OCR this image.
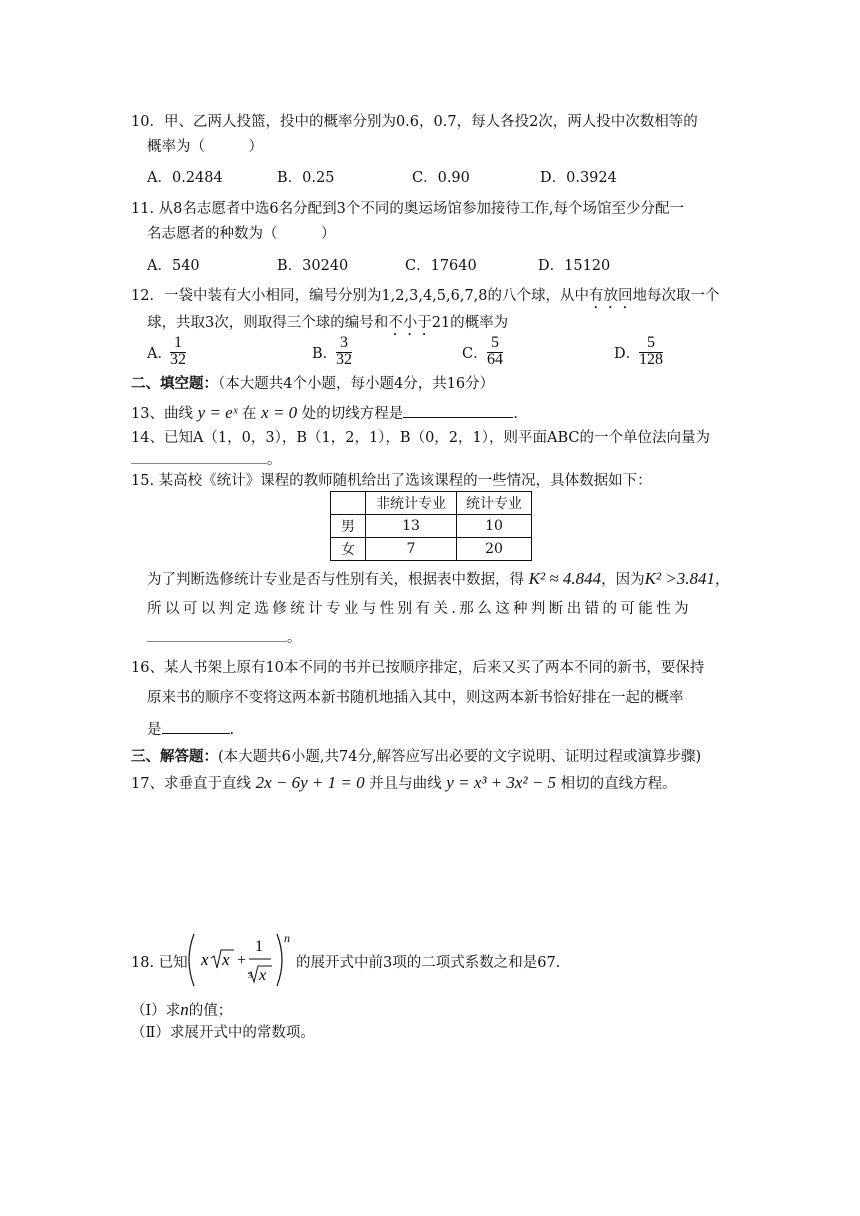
10．甲、乙两人投篮，投中的概率分别为0.6，0.7，每人各投2次，两人投中次数相等的
概率为（　　　）
A．0.2484	B．0.25	C．0.90	D．0.3924
11. 从8名志愿者中选6名分配到3个不同的奥运场馆参加接待工作,每个场馆至少分配一
名志愿者的种数为（　　　）
A．540	B．30240	C．17640	D．15120
12．一袋中装有大小相同，编号分别为1,2,3,4,5,6,7,8的八个球，从中有放回地每次取一个
球，共取3次，则取得三个球的编号和不小于21的概率为
A．
$\frac{1}{32}$	B．
$\frac{3}{32}$	C． $\frac{5}{64}$	D．
$\frac{5}{128}$
二、填空题：（本大题共4个小题，每小题4分，共16分）
13、曲线 y = eˣ 在 x = 0 处的切线方程是	.
14、已知A（1，0，3），B（1，2，1），B（0，2，1），则平面ABC的一个单位法向量为
。
15. 某高校《统计》课程的教师随机给出了选该课程的一些情况，具体数据如下：
	非统计专业	统计专业
男	13	10
女	7	20
为了判断选修统计专业是否与性别有关，根据表中数据，得 K² ≈ 4.844，因为K² >3.841，
所以可以判定选修统计专业与性别有关.那么这种判断出错的可能性为
。
16、某人书架上原有10本不同的书并已按顺序排定，后来又买了两本不同的新书，要保持
原来书的顺序不变将这两本新书随机地插入其中，则这两本新书恰好排在一起的概率
是	.
三、解答题：(本大题共6小题,共74分,解答应写出必要的文字说明、证明过程或演算步骤)
17、求垂直于直线 2x − 6y + 1 = 0 并且与曲线 y = x³ + 3x² − 5 相切的直线方程。
18. 已知 x x +
1
3 x
n
的展开式中前3项的二项式系数之和是67.
（Ⅰ）求n的值；
（Ⅱ）求展开式中的常数项。
